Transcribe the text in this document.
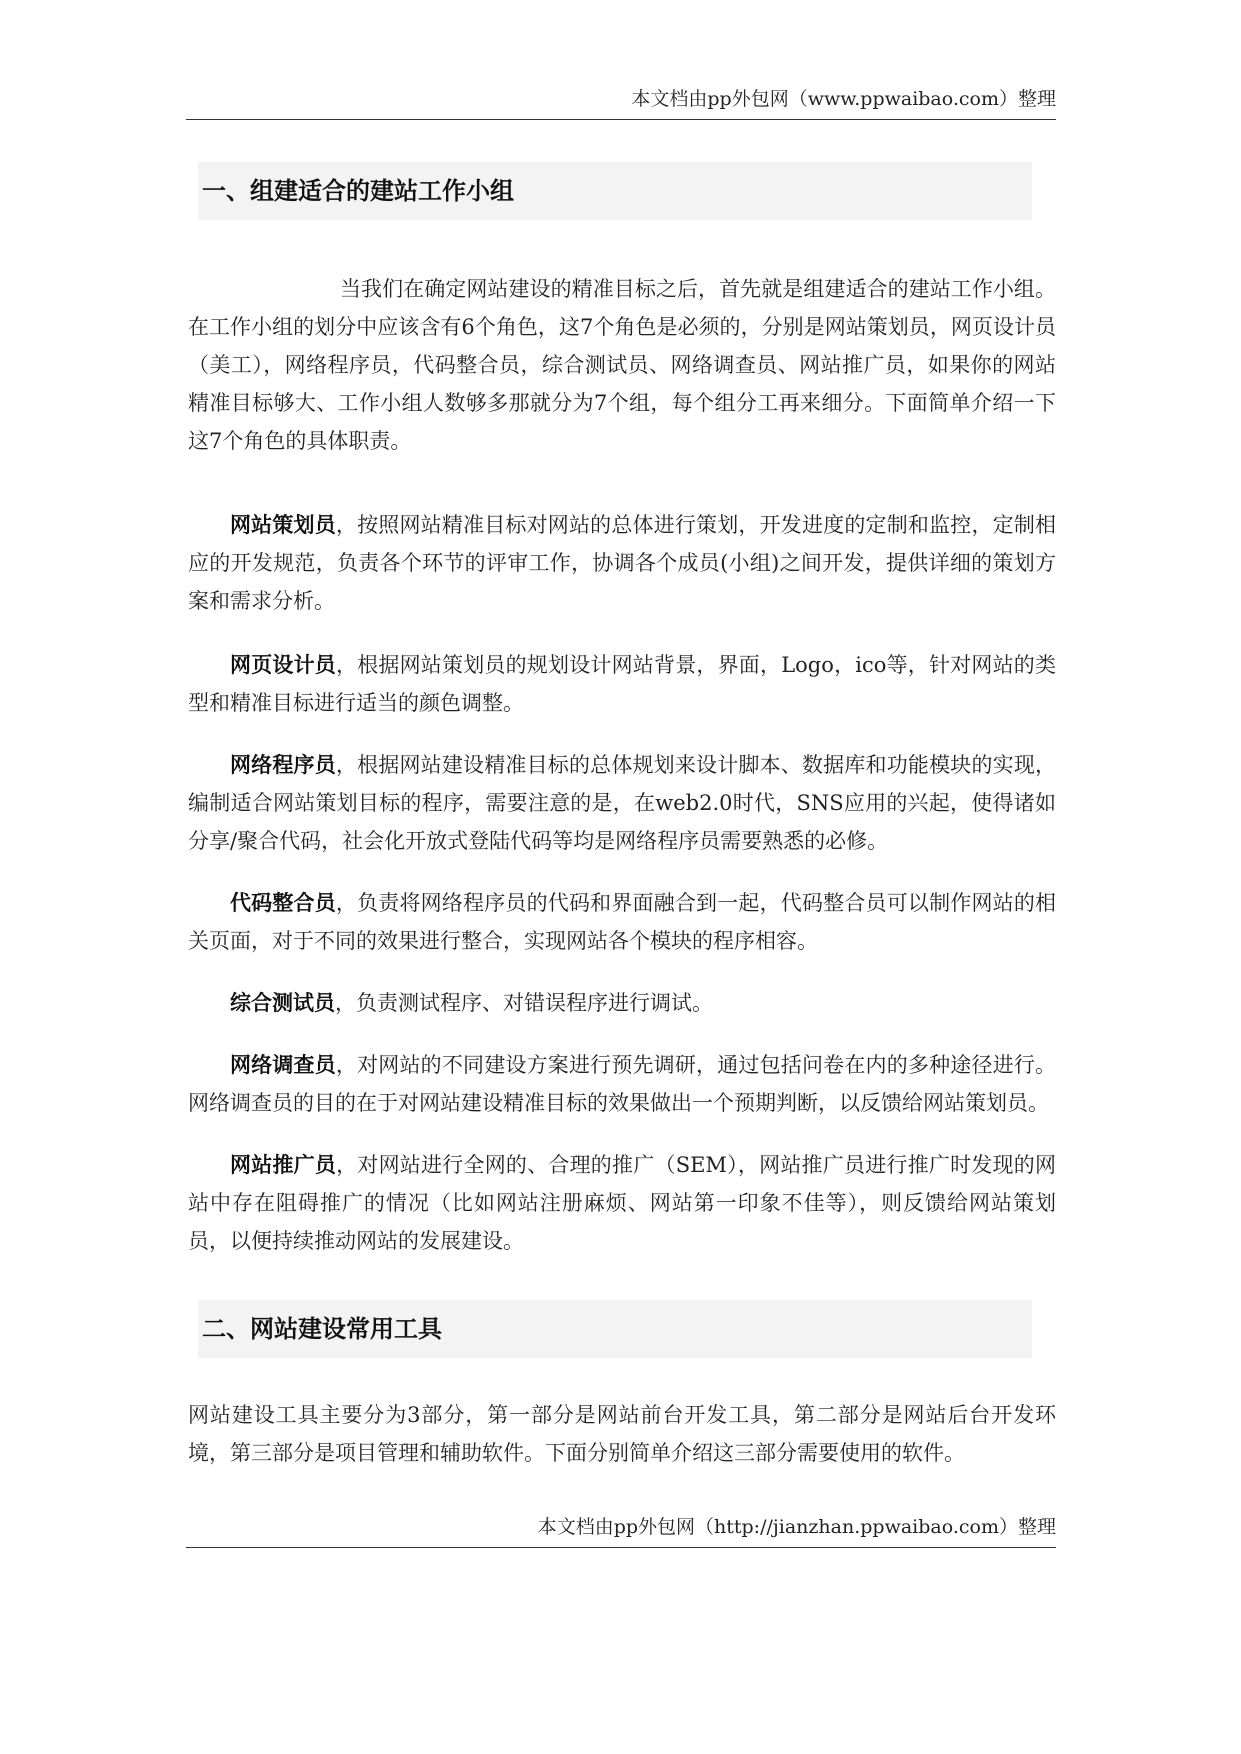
本文档由pp外包网（www.ppwaibao.com）整理
一、组建适合的建站工作小组

当我们在确定网站建设的精准目标之后，首先就是组建适合的建站工作小组。在工作小组的划分中应该含有6个角色，这7个角色是必须的，分别是网站策划员，网页设计员（美工），网络程序员，代码整合员，综合测试员、网络调查员、网站推广员，如果你的网站精准目标够大、工作小组人数够多那就分为7个组，每个组分工再来细分。下面简单介绍一下这7个角色的具体职责。

网站策划员，按照网站精准目标对网站的总体进行策划，开发进度的定制和监控，定制相应的开发规范，负责各个环节的评审工作，协调各个成员(小组)之间开发，提供详细的策划方案和需求分析。

网页设计员，根据网站策划员的规划设计网站背景，界面，Logo，ico等，针对网站的类型和精准目标进行适当的颜色调整。

网络程序员，根据网站建设精准目标的总体规划来设计脚本、数据库和功能模块的实现，编制适合网站策划目标的程序，需要注意的是，在web2.0时代，SNS应用的兴起，使得诸如分享/聚合代码，社会化开放式登陆代码等均是网络程序员需要熟悉的必修。

代码整合员，负责将网络程序员的代码和界面融合到一起，代码整合员可以制作网站的相关页面，对于不同的效果进行整合，实现网站各个模块的程序相容。

综合测试员，负责测试程序、对错误程序进行调试。

网络调查员，对网站的不同建设方案进行预先调研，通过包括问卷在内的多种途径进行。网络调查员的目的在于对网站建设精准目标的效果做出一个预期判断，以反馈给网站策划员。

网站推广员，对网站进行全网的、合理的推广（SEM），网站推广员进行推广时发现的网站中存在阻碍推广的情况（比如网站注册麻烦、网站第一印象不佳等），则反馈给网站策划员，以便持续推动网站的发展建设。

二、网站建设常用工具

网站建设工具主要分为3部分，第一部分是网站前台开发工具，第二部分是网站后台开发环境，第三部分是项目管理和辅助软件。下面分别简单介绍这三部分需要使用的软件。

本文档由pp外包网（http://jianzhan.ppwaibao.com）整理
